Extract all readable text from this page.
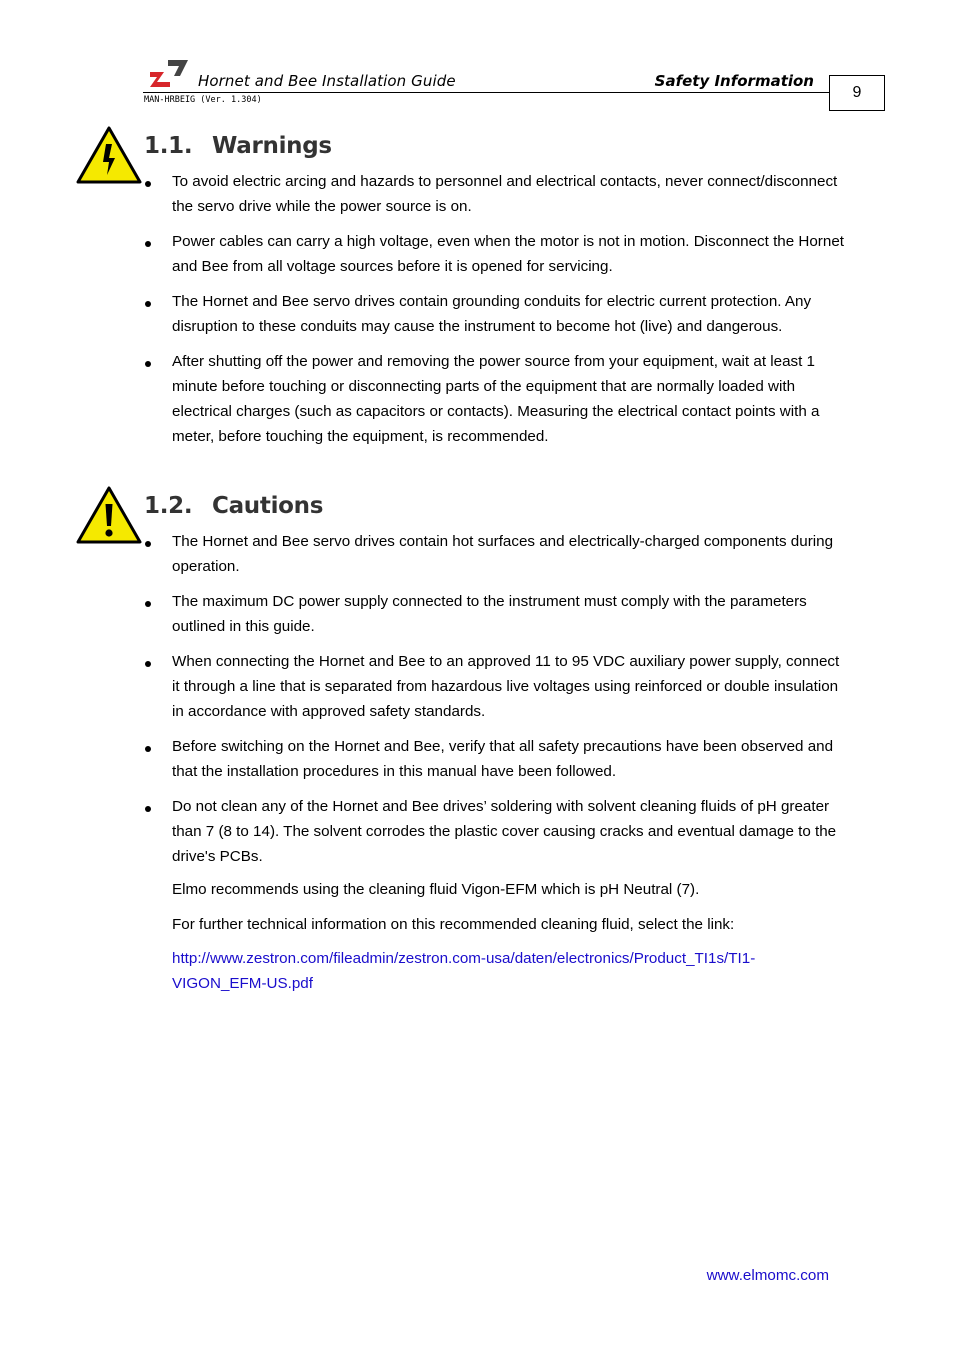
Hornet and Bee Installation Guide	Safety Information
MAN-HRBEIG (Ver. 1.304)	9
1.1. Warnings
To avoid electric arcing and hazards to personnel and electrical contacts, never connect/disconnect the servo drive while the power source is on.
Power cables can carry a high voltage, even when the motor is not in motion. Disconnect the Hornet and Bee from all voltage sources before it is opened for servicing.
The Hornet and Bee servo drives contain grounding conduits for electric current protection. Any disruption to these conduits may cause the instrument to become hot (live) and dangerous.
After shutting off the power and removing the power source from your equipment, wait at least 1 minute before touching or disconnecting parts of the equipment that are normally loaded with electrical charges (such as capacitors or contacts). Measuring the electrical contact points with a meter, before touching the equipment, is recommended.
1.2. Cautions
The Hornet and Bee servo drives contain hot surfaces and electrically-charged components during operation.
The maximum DC power supply connected to the instrument must comply with the parameters outlined in this guide.
When connecting the Hornet and Bee to an approved 11 to 95 VDC auxiliary power supply, connect it through a line that is separated from hazardous live voltages using reinforced or double insulation in accordance with approved safety standards.
Before switching on the Hornet and Bee, verify that all safety precautions have been observed and that the installation procedures in this manual have been followed.
Do not clean any of the Hornet and Bee drives’ soldering with solvent cleaning fluids of pH greater than 7 (8 to 14). The solvent corrodes the plastic cover causing cracks and eventual damage to the drive's PCBs.
Elmo recommends using the cleaning fluid Vigon-EFM which is pH Neutral (7).
For further technical information on this recommended cleaning fluid, select the link:
http://www.zestron.com/fileadmin/zestron.com-usa/daten/electronics/Product_TI1s/TI1-
VIGON_EFM-US.pdf
www.elmomc.com
